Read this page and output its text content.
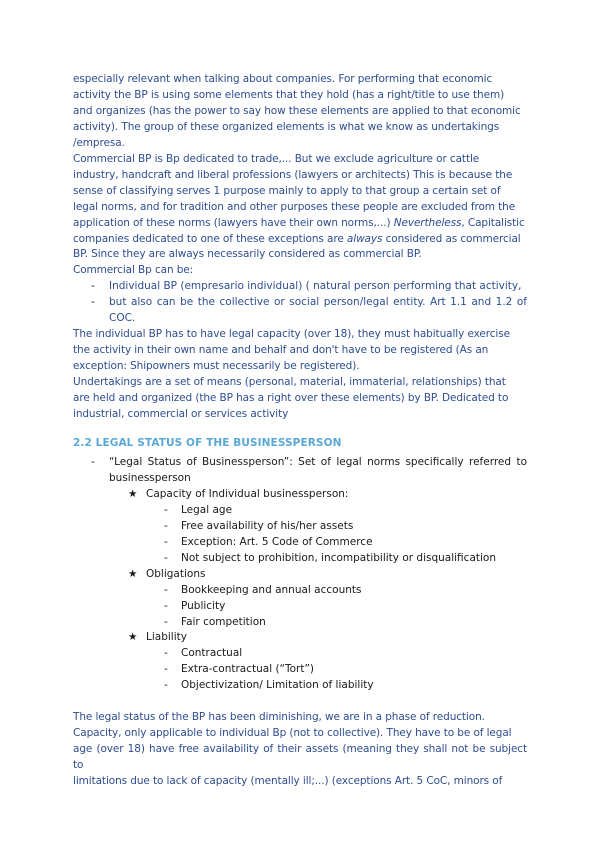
especially relevant when talking about companies. For performing that economic
activity the BP is using some elements that they hold (has a right/title to use them)
and organizes (has the power to say how these elements are applied to that economic
activity). The group of these organized elements is what we know as undertakings
/empresa.
Commercial BP is Bp dedicated to trade,... But we exclude agriculture or cattle
industry, handcraft and liberal professions (lawyers or architects) This is because the
sense of classifying serves 1 purpose mainly to apply to that group a certain set of
legal norms, and for tradition and other purposes these people are excluded from the
application of these norms (lawyers have their own norms,...) Nevertheless, Capitalistic
companies dedicated to one of these exceptions are always considered as commercial
BP. Since they are always necessarily considered as commercial BP.
Commercial Bp can be:
- Individual BP (empresario individual) ( natural person performing that activity,
- but also can be the collective or social person/legal entity. Art 1.1 and 1.2 of
COC.
The individual BP has to have legal capacity (over 18), they must habitually exercise
the activity in their own name and behalf and don't have to be registered (As an
exception: Shipowners must necessarily be registered).
Undertakings are a set of means (personal, material, immaterial, relationships) that
are held and organized (the BP has a right over these elements) by BP. Dedicated to
industrial, commercial or services activity
2.2 LEGAL STATUS OF THE BUSINESSPERSON
- “Legal Status of Businessperson”: Set of legal norms specifically referred to
businessperson
★ Capacity of Individual businessperson:
- Legal age
- Free availability of his/her assets
- Exception: Art. 5 Code of Commerce
- Not subject to prohibition, incompatibility or disqualification
★ Obligations
- Bookkeeping and annual accounts
- Publicity
- Fair competition
★ Liability
- Contractual
- Extra-contractual (“Tort”)
- Objectivization/ Limitation of liability
The legal status of the BP has been diminishing, we are in a phase of reduction.
Capacity, only applicable to individual Bp (not to collective). They have to be of legal
age (over 18) have free availability of their assets (meaning they shall not be subject to
limitations due to lack of capacity (mentally ill;...) (exceptions Art. 5 CoC, minors of
